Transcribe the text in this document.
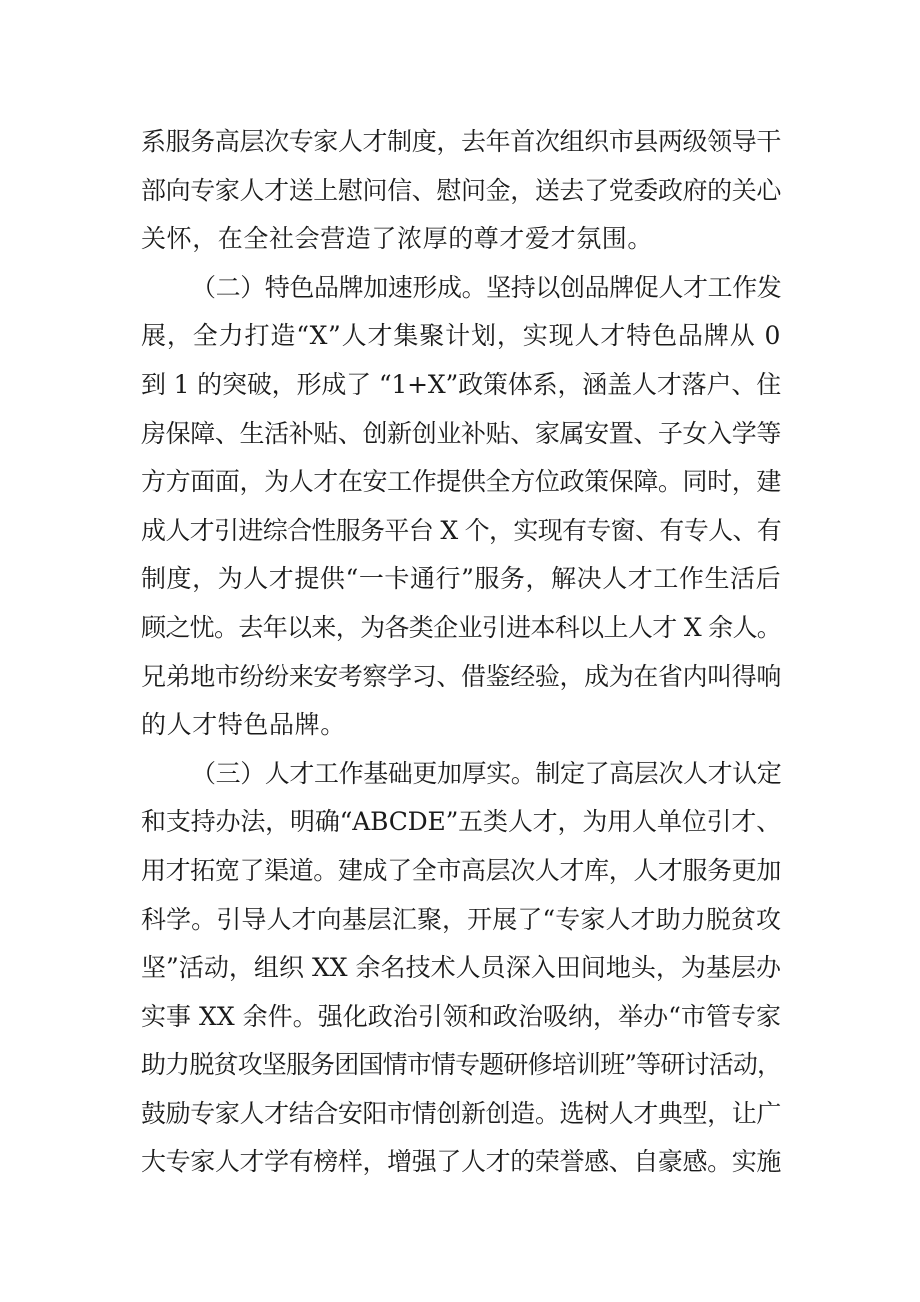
系服务高层次专家人才制度，去年首次组织市县两级领导干
部向专家人才送上慰问信、慰问金，送去了党委政府的关心
关怀，在全社会营造了浓厚的尊才爱才氛围。
（二）特色品牌加速形成。坚持以创品牌促人才工作发
展，全力打造“X”人才集聚计划，实现人才特色品牌从 0
到 1 的突破，形成了 “1+X”政策体系，涵盖人才落户、住
房保障、生活补贴、创新创业补贴、家属安置、子女入学等
方方面面，为人才在安工作提供全方位政策保障。同时，建
成人才引进综合性服务平台 X 个，实现有专窗、有专人、有
制度，为人才提供“一卡通行”服务，解决人才工作生活后
顾之忧。去年以来，为各类企业引进本科以上人才 X 余人。
兄弟地市纷纷来安考察学习、借鉴经验，成为在省内叫得响
的人才特色品牌。
（三）人才工作基础更加厚实。制定了高层次人才认定
和支持办法，明确“ABCDE”五类人才，为用人单位引才、
用才拓宽了渠道。建成了全市高层次人才库，人才服务更加
科学。引导人才向基层汇聚，开展了“专家人才助力脱贫攻
坚”活动，组织 XX 余名技术人员深入田间地头，为基层办
实事 XX 余件。强化政治引领和政治吸纳，举办“市管专家
助力脱贫攻坚服务团国情市情专题研修培训班”等研讨活动，
鼓励专家人才结合安阳市情创新创造。选树人才典型，让广
大专家人才学有榜样，增强了人才的荣誉感、自豪感。实施
